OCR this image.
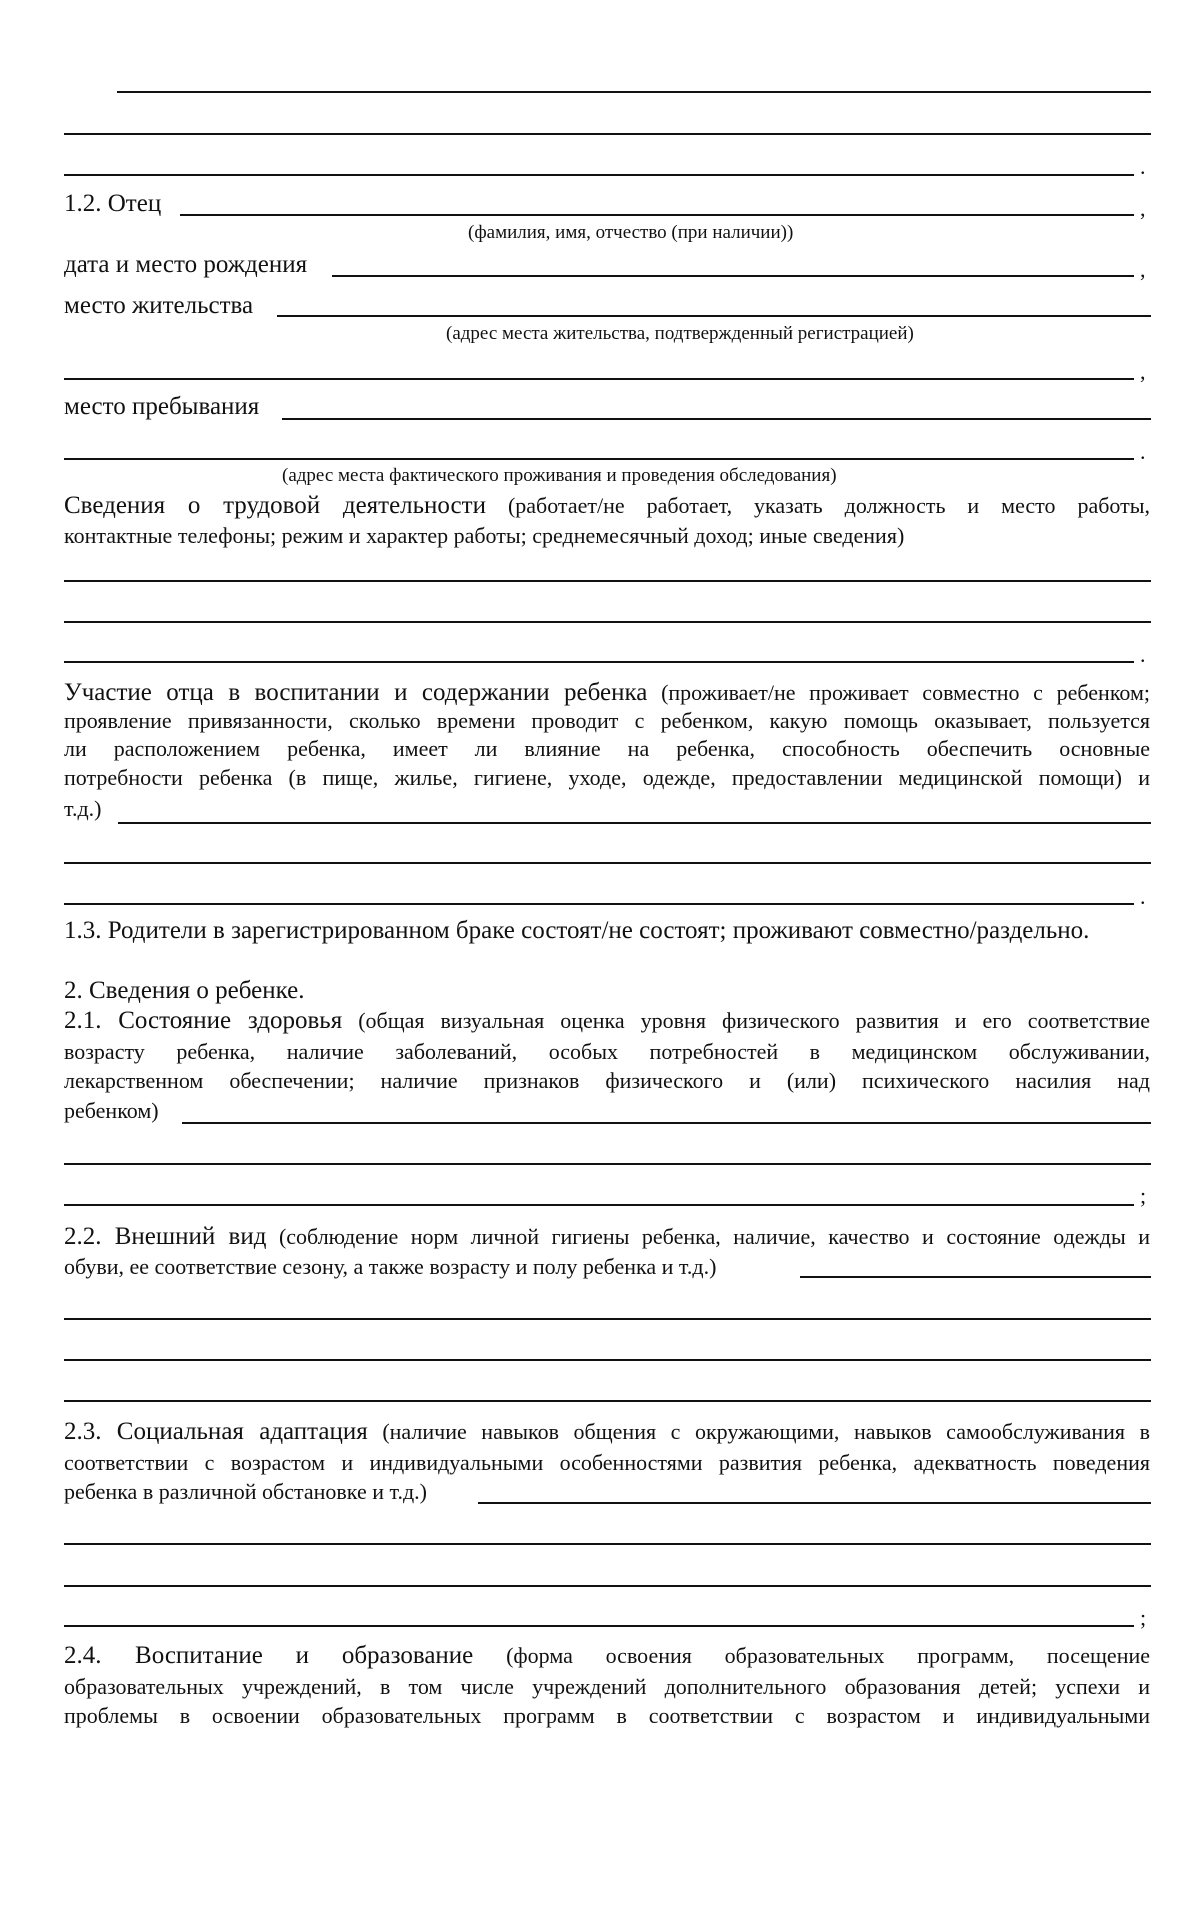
.
1.2. Отец	,
(фамилия, имя, отчество (при наличии))
дата и место рождения	,
место жительства
(адрес места жительства, подтвержденный регистрацией)
,
место пребывания
.
(адрес места фактического проживания и проведения обследования)
Сведения о трудовой деятельности (работает/не работает, указать должность и место работы,
контактные телефоны; режим и характер работы; среднемесячный доход; иные сведения)
.
Участие отца в воспитании и содержании ребенка (проживает/не проживает совместно с ребенком;
проявление привязанности, сколько времени проводит с ребенком, какую помощь оказывает, пользуется
ли расположением ребенка, имеет ли влияние на ребенка, способность обеспечить основные
потребности ребенка (в пище, жилье, гигиене, уходе, одежде, предоставлении медицинской помощи) и
т.д.)
.
1.3. Родители в зарегистрированном браке состоят/не состоят; проживают совместно/раздельно.
2. Сведения о ребенке.
2.1. Состояние здоровья (общая визуальная оценка уровня физического развития и его соответствие
возрасту ребенка, наличие заболеваний, особых потребностей в медицинском обслуживании,
лекарственном обеспечении; наличие признаков физического и (или) психического насилия над
ребенком)
;
2.2. Внешний вид (соблюдение норм личной гигиены ребенка, наличие, качество и состояние одежды и
обуви, ее соответствие сезону, а также возрасту и полу ребенка и т.д.)
2.3. Социальная адаптация (наличие навыков общения с окружающими, навыков самообслуживания в
соответствии с возрастом и индивидуальными особенностями развития ребенка, адекватность поведения
ребенка в различной обстановке и т.д.)
;
2.4. Воспитание и образование (форма освоения образовательных программ, посещение
образовательных учреждений, в том числе учреждений дополнительного образования детей; успехи и
проблемы в освоении образовательных программ в соответствии с возрастом и индивидуальными
